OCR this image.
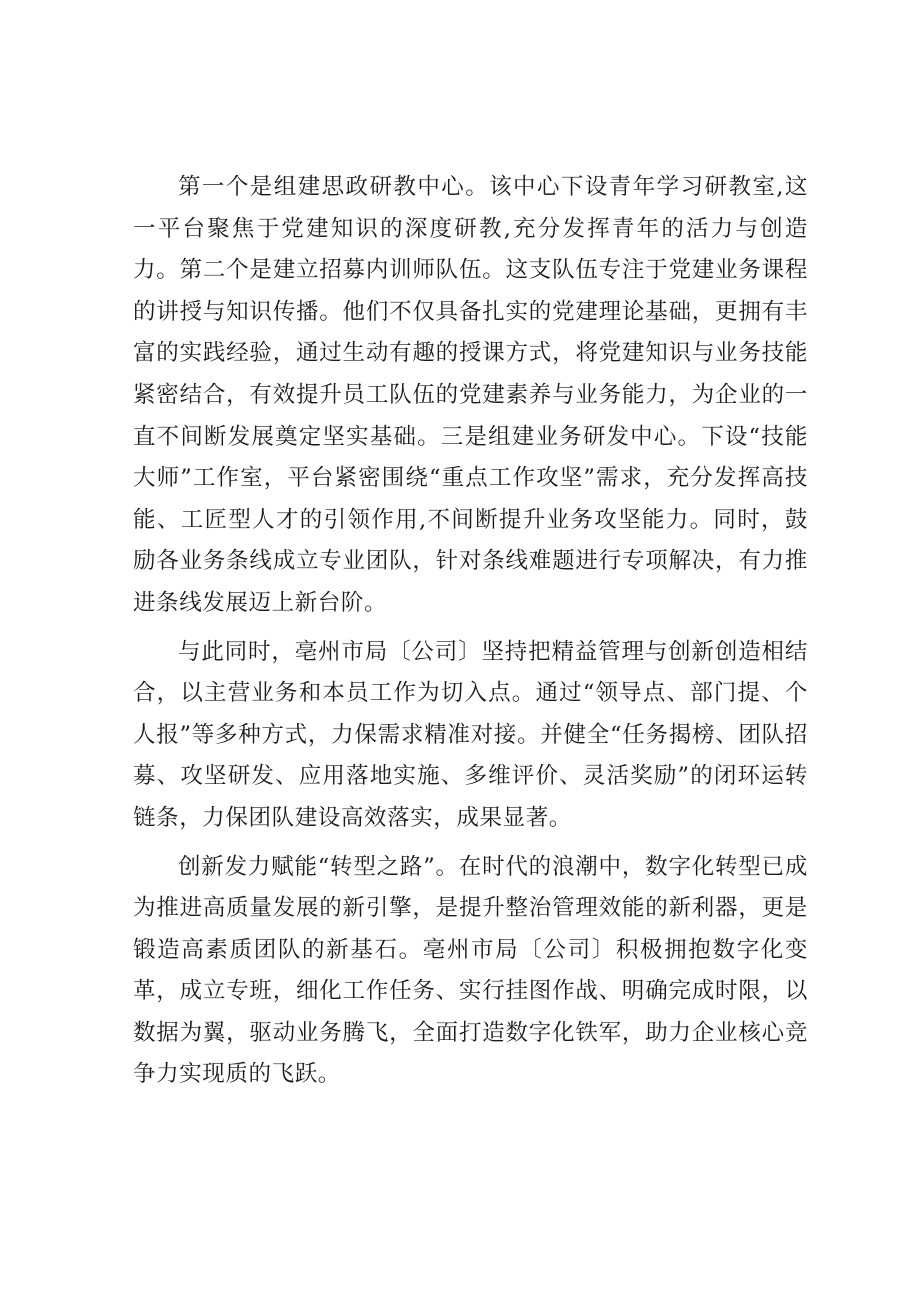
第一个是组建思政研教中心。该中心下设青年学习研教室,这一平台聚焦于党建知识的深度研教,充分发挥青年的活力与创造力。第二个是建立招募内训师队伍。这支队伍专注于党建业务课程的讲授与知识传播。他们不仅具备扎实的党建理论基础，更拥有丰富的实践经验，通过生动有趣的授课方式，将党建知识与业务技能紧密结合，有效提升员工队伍的党建素养与业务能力，为企业的一直不间断发展奠定坚实基础。三是组建业务研发中心。下设“技能大师”工作室，平台紧密围绕“重点工作攻坚”需求，充分发挥高技能、工匠型人才的引领作用,不间断提升业务攻坚能力。同时，鼓励各业务条线成立专业团队，针对条线难题进行专项解决，有力推进条线发展迈上新台阶。

与此同时，亳州市局〔公司〕坚持把精益管理与创新创造相结合，以主营业务和本员工作为切入点。通过“领导点、部门提、个人报”等多种方式，力保需求精准对接。并健全“任务揭榜、团队招募、攻坚研发、应用落地实施、多维评价、灵活奖励”的闭环运转链条，力保团队建设高效落实，成果显著。

创新发力赋能“转型之路”。在时代的浪潮中，数字化转型已成为推进高质量发展的新引擎，是提升整治管理效能的新利器，更是锻造高素质团队的新基石。亳州市局〔公司〕积极拥抱数字化变革，成立专班，细化工作任务、实行挂图作战、明确完成时限，以数据为翼，驱动业务腾飞，全面打造数字化铁军，助力企业核心竞争力实现质的飞跃。
